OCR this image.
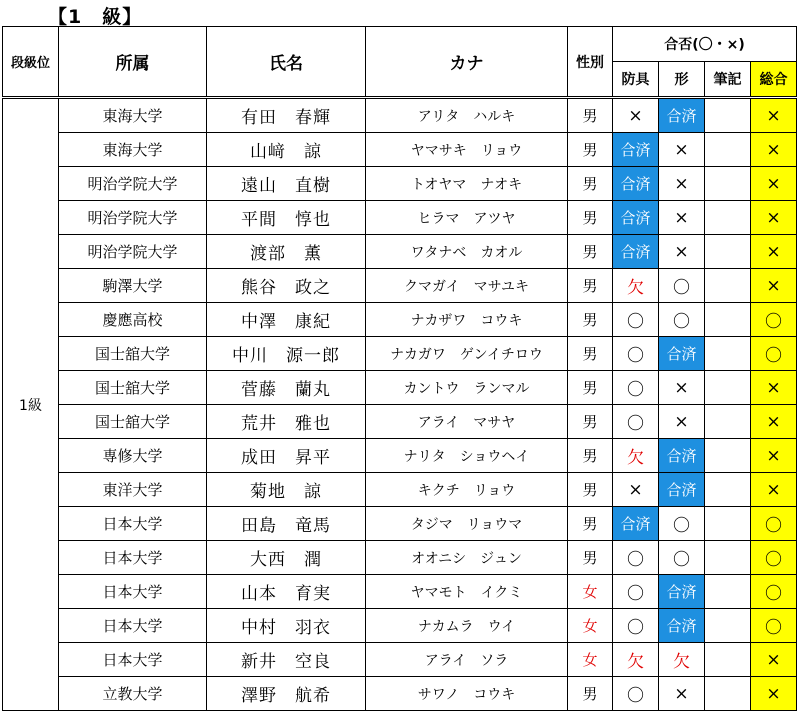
【1　級】
段級位	所属	氏名	カナ	性別	合否(〇・×)			
					防具	形	筆記	総合
1級	東海大学	有田　春輝	アリタ　ハルキ	男	×	合済		×
	東海大学	山﨑　諒	ヤマサキ　リョウ	男	合済	×		×
	明治学院大学	遠山　直樹	トオヤマ　ナオキ	男	合済	×		×
	明治学院大学	平間　惇也	ヒラマ　アツヤ	男	合済	×		×
	明治学院大学	渡部　薫	ワタナベ　カオル	男	合済	×		×
	駒澤大学	熊谷　政之	クマガイ　マサユキ	男	欠	〇		×
	慶應高校	中澤　康紀	ナカザワ　コウキ	男	〇	〇		〇
	国士舘大学	中川　源一郎	ナカガワ　ゲンイチロウ	男	〇	合済		〇
	国士舘大学	菅藤　蘭丸	カントウ　ランマル	男	〇	×		×
	国士舘大学	荒井　雅也	アライ　マサヤ	男	〇	×		×
	専修大学	成田　昇平	ナリタ　ショウヘイ	男	欠	合済		×
	東洋大学	菊地　諒	キクチ　リョウ	男	×	合済		×
	日本大学	田島　竜馬	タジマ　リョウマ	男	合済	〇		〇
	日本大学	大西　潤	オオニシ　ジュン	男	〇	〇		〇
	日本大学	山本　育実	ヤマモト　イクミ	女	〇	合済		〇
	日本大学	中村　羽衣	ナカムラ　ウイ	女	〇	合済		〇
	日本大学	新井　空良	アライ　ソラ	女	欠	欠		×
	立教大学	澤野　航希	サワノ　コウキ	男	〇	×		×
